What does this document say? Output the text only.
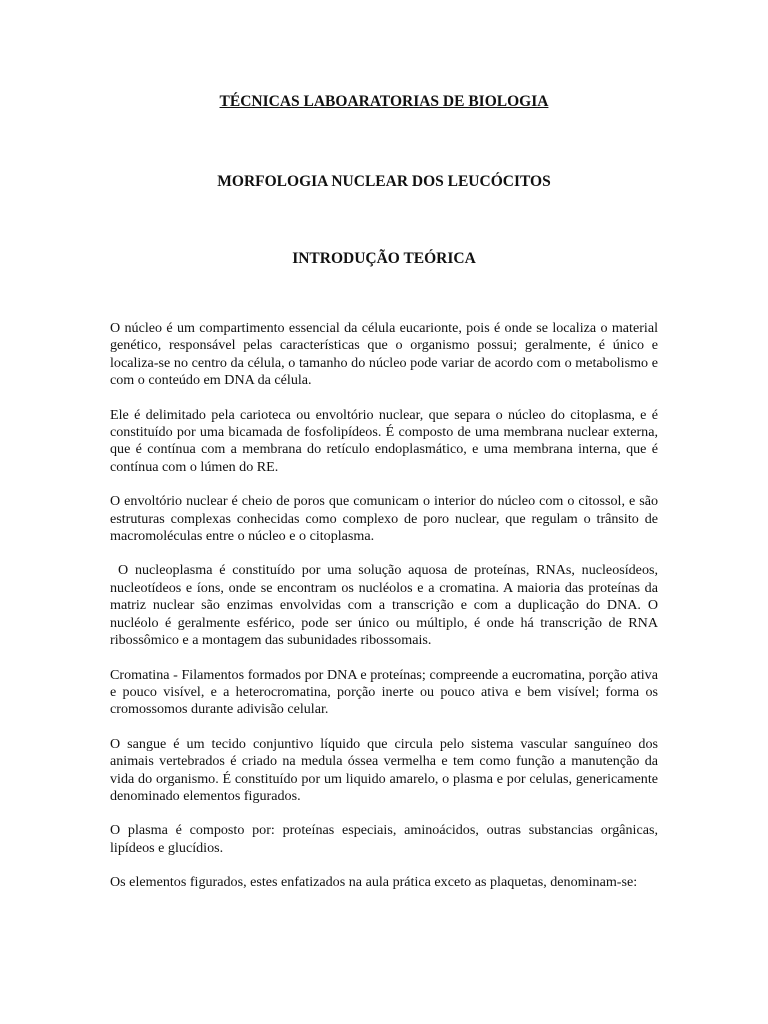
TÉCNICAS LABOARATORIAS DE BIOLOGIA
MORFOLOGIA NUCLEAR DOS LEUCÓCITOS
INTRODUÇÃO TEÓRICA

O núcleo é um compartimento essencial da célula eucarionte, pois é onde se localiza o material genético, responsável pelas características que o organismo possui; geralmente, é único e localiza-se no centro da célula, o tamanho do núcleo pode variar de acordo com o metabolismo e com o conteúdo em DNA da célula.

Ele é delimitado pela carioteca ou envoltório nuclear, que separa o núcleo do citoplasma, e é constituído por uma bicamada de fosfolipídeos. É composto de uma membrana nuclear externa, que é contínua com a membrana do retículo endoplasmático, e uma membrana interna, que é contínua com o lúmen do RE.

O envoltório nuclear é cheio de poros que comunicam o interior do núcleo com o citossol, e são estruturas complexas conhecidas como complexo de poro nuclear, que regulam o trânsito de macromoléculas entre o núcleo e o citoplasma.

O nucleoplasma é constituído por uma solução aquosa de proteínas, RNAs, nucleosídeos, nucleotídeos e íons, onde se encontram os nucléolos e a cromatina. A maioria das proteínas da matriz nuclear são enzimas envolvidas com a transcrição e com a duplicação do DNA. O nucléolo é geralmente esférico, pode ser único ou múltiplo, é onde há transcrição de RNA ribossômico e a montagem das subunidades ribossomais.

Cromatina - Filamentos formados por DNA e proteínas; compreende a eucromatina, porção ativa e pouco visível, e a heterocromatina, porção inerte ou pouco ativa e bem visível; forma os cromossomos durante adivisão celular.

O sangue é um tecido conjuntivo líquido que circula pelo sistema vascular sanguíneo dos animais vertebrados é criado na medula óssea vermelha e tem como função a manutenção da vida do organismo. É constituído por um liquido amarelo, o plasma e por celulas, genericamente denominado elementos figurados.

O plasma é composto por: proteínas especiais, aminoácidos, outras substancias orgânicas, lipídeos e glucídios.

Os elementos figurados, estes enfatizados na aula prática exceto as plaquetas, denominam-se:
